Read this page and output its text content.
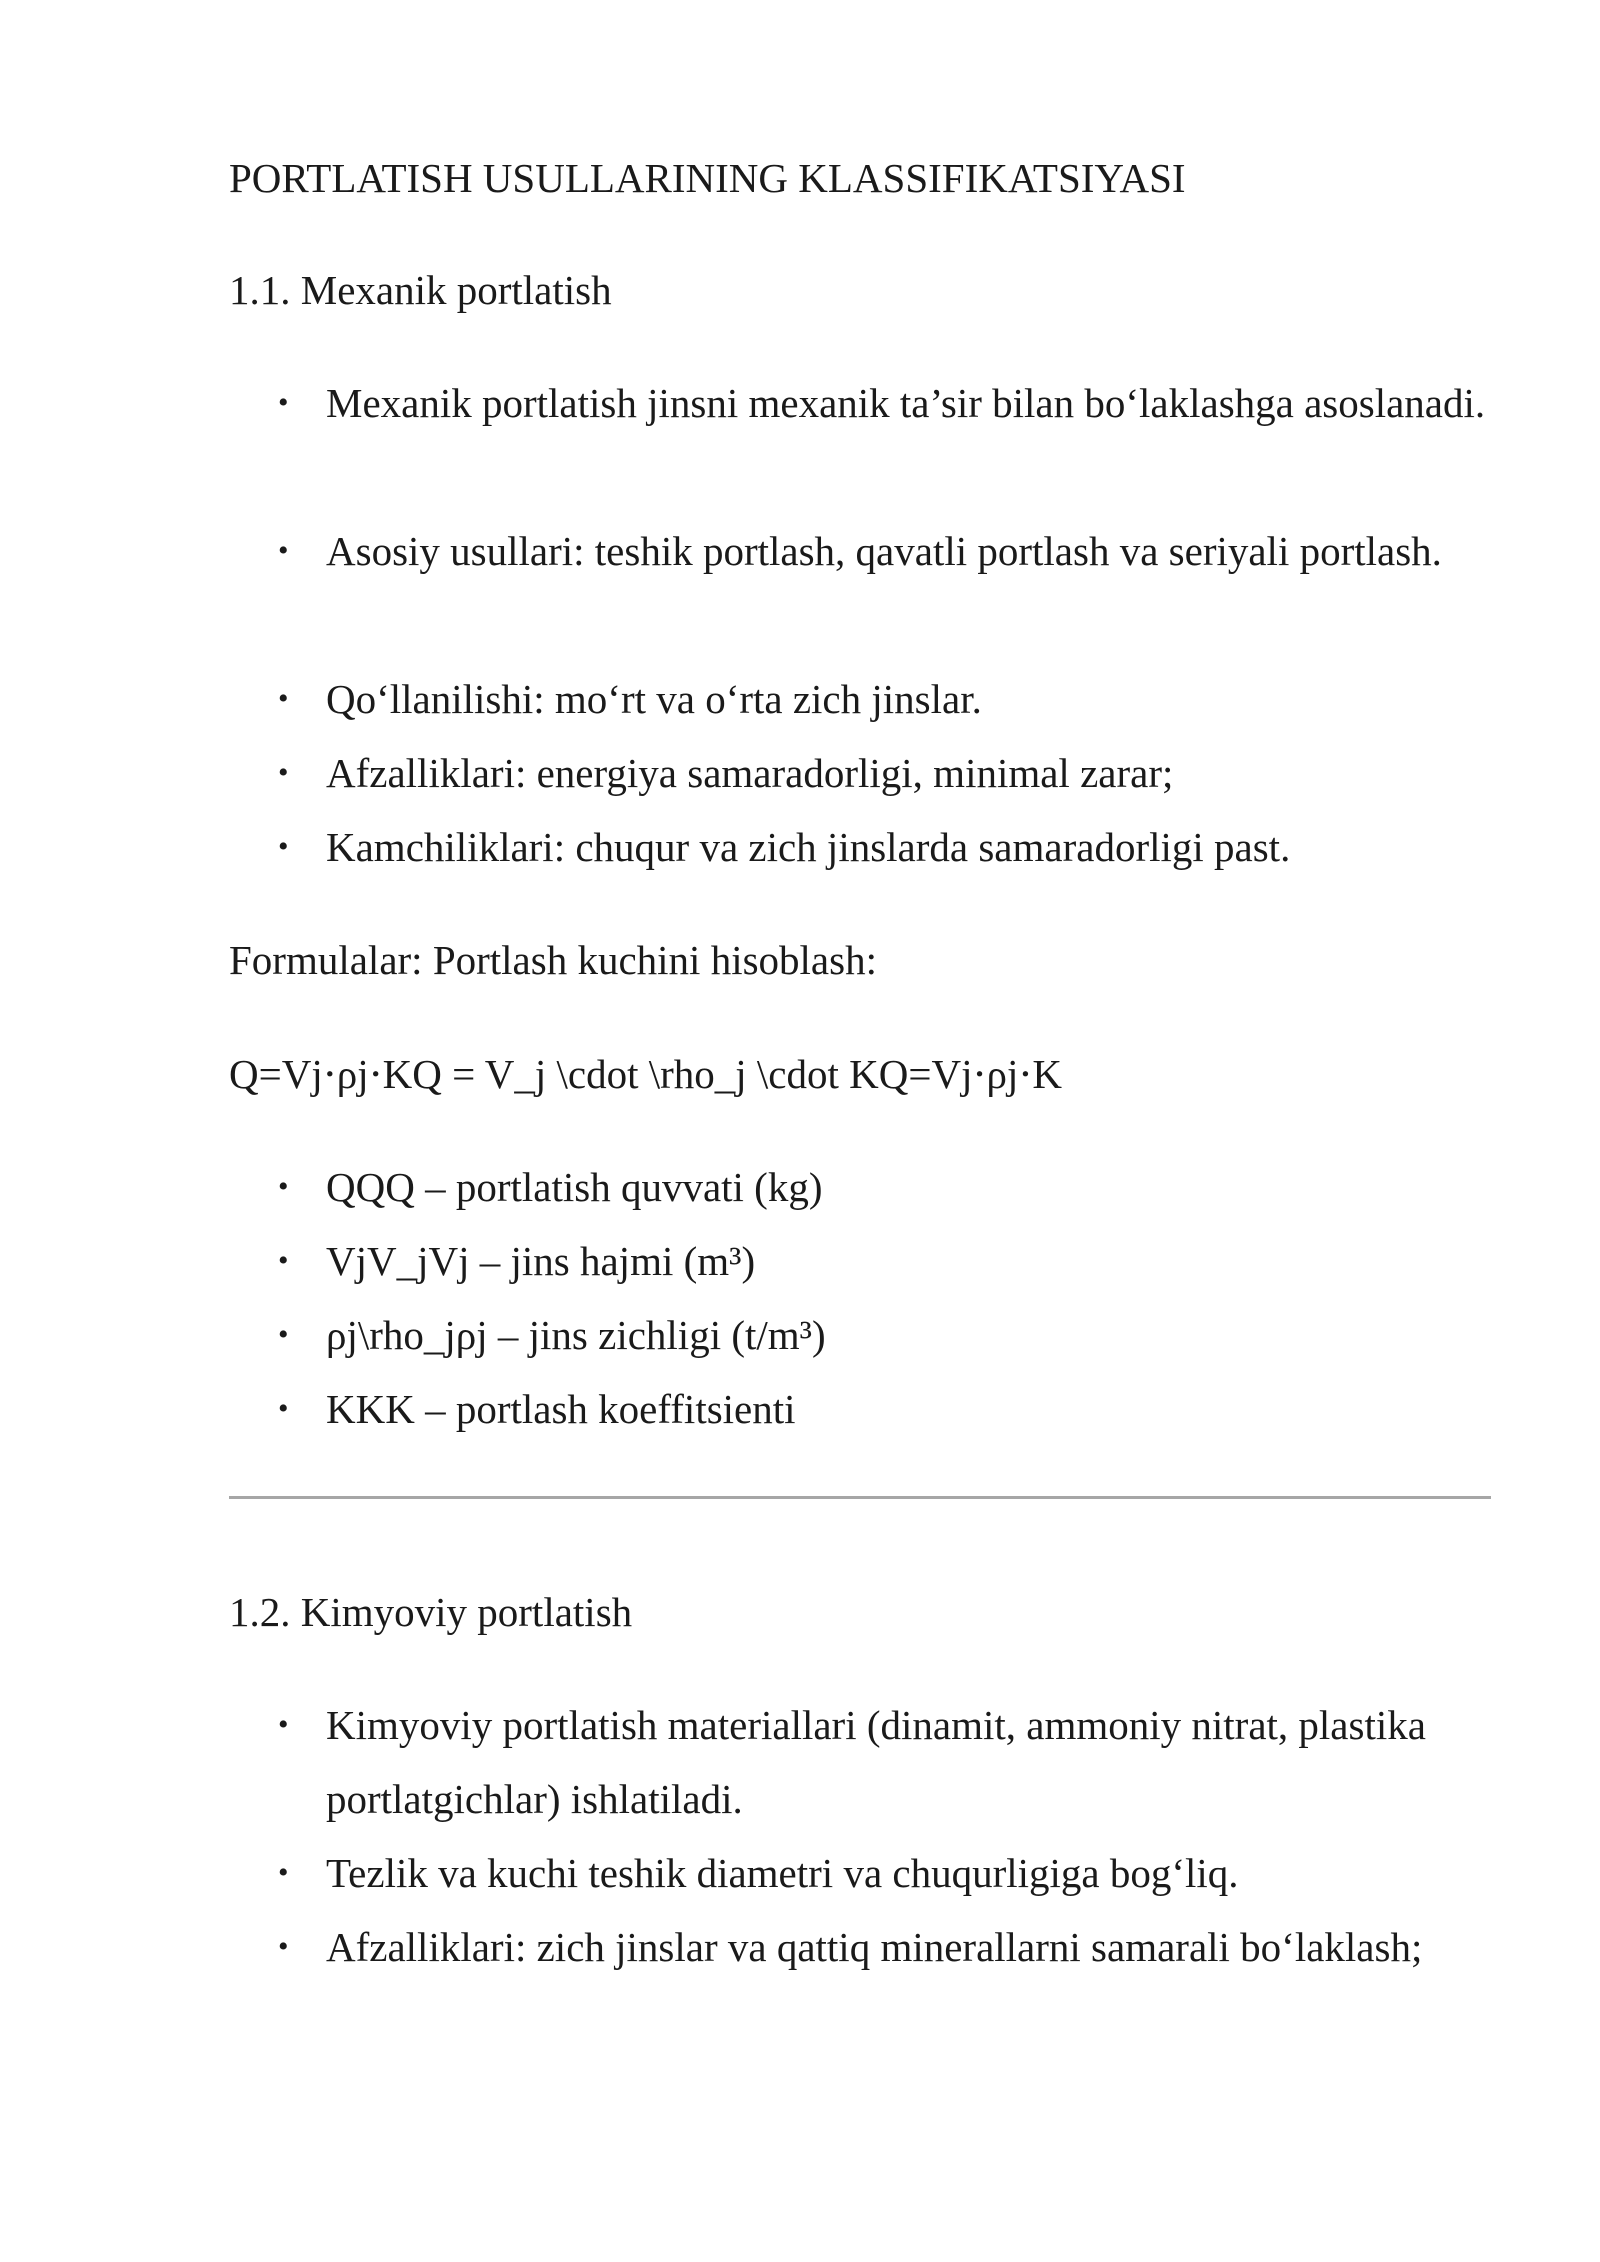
PORTLATISH USULLARINING KLASSIFIKATSIYASI
1.1. Mexanik portlatish
• Mexanik portlatish jinsni mexanik ta’sir bilan bo‘laklashga asoslanadi.
• Asosiy usullari: teshik portlash, qavatli portlash va seriyali portlash.
• Qo‘llanilishi: mo‘rt va o‘rta zich jinslar.
• Afzalliklari: energiya samaradorligi, minimal zarar;
• Kamchiliklari: chuqur va zich jinslarda samaradorligi past.

Formulalar: Portlash kuchini hisoblash:

Q=Vj⋅ρj⋅KQ = V_j \cdot \rho_j \cdot KQ=Vj​⋅ρj​⋅K

• QQQ – portlatish quvvati (kg)
• VjV_jVj​ – jins hajmi (m³)
• ρj\rho_jρj​ – jins zichligi (t/m³)
• KKK – portlash koeffitsienti
1.2. Kimyoviy portlatish
• Kimyoviy portlatish materiallari (dinamit, ammoniy nitrat, plastika portlatgichlar) ishlatiladi.
• Tezlik va kuchi teshik diametri va chuqurligiga bog‘liq.
• Afzalliklari: zich jinslar va qattiq minerallarni samarali bo‘laklash;
